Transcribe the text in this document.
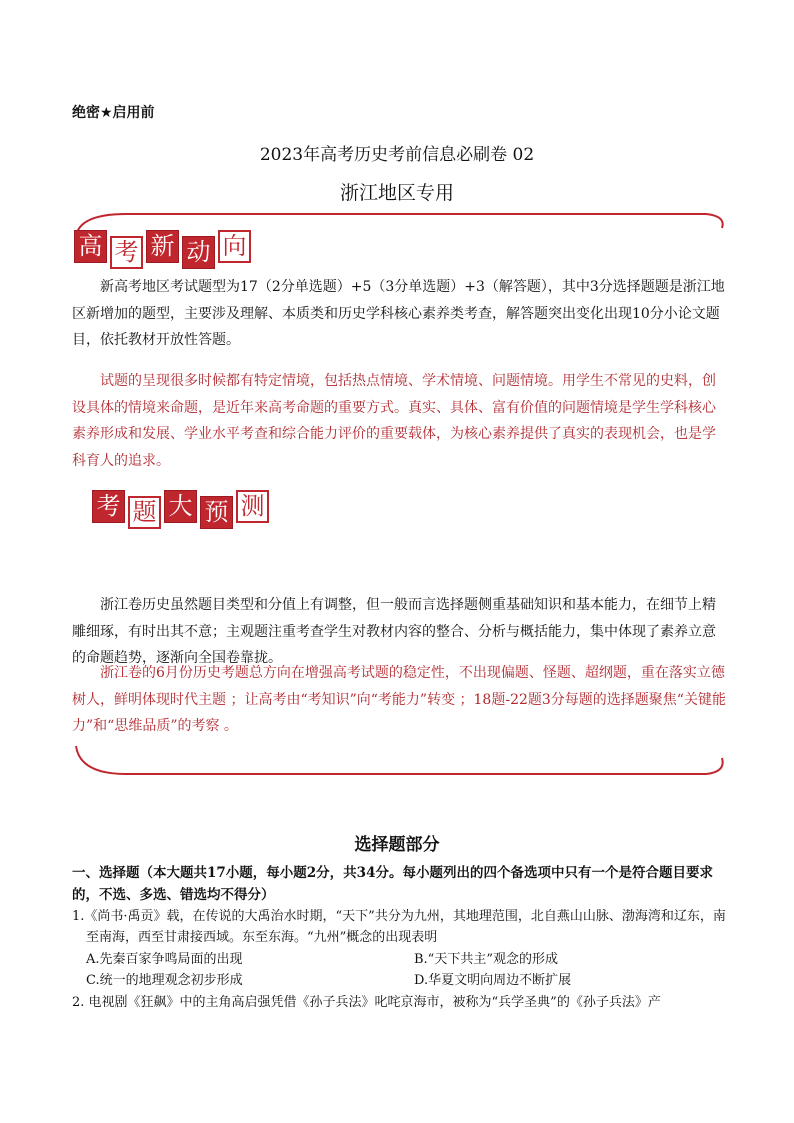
绝密★启用前
2023年高考历史考前信息必刷卷 02
浙江地区专用
高 考 新 动 向
新高考地区考试题型为17（2分单选题）+5（3分单选题）+3（解答题），其中3分选择题题是浙江地区新增加的题型，主要涉及理解、本质类和历史学科核心素养类考查，解答题突出变化出现10分小论文题目，依托教材开放性答题。
试题的呈现很多时候都有特定情境，包括热点情境、学术情境、问题情境。用学生不常见的史料，创设具体的情境来命题，是近年来高考命题的重要方式。真实、具体、富有价值的问题情境是学生学科核心素养形成和发展、学业水平考查和综合能力评价的重要载体，为核心素养提供了真实的表现机会，也是学科育人的追求。
考 题 大 预 测
浙江卷历史虽然题目类型和分值上有调整，但一般而言选择题侧重基础知识和基本能力，在细节上精雕细琢，有时出其不意；主观题注重考查学生对教材内容的整合、分析与概括能力，集中体现了素养立意的命题趋势，逐渐向全国卷靠拢。
浙江卷的6月份历史考题总方向在增强高考试题的稳定性，不出现偏题、怪题、超纲题，重在落实立德树人，鲜明体现时代主题 ；让高考由“考知识”向“考能力”转变 ；18题-22题3分每题的选择题聚焦“关键能力”和“思维品质”的考察 。
选择题部分
一、选择题（本大题共17小题，每小题2分，共34分。每小题列出的四个备选项中只有一个是符合题目要求的，不选、多选、错选均不得分）
1.《尚书·禹贡》载，在传说的大禹治水时期，“天下”共分为九州，其地理范围，北自燕山山脉、渤海湾和辽东，南至南海，西至甘肃接西域。东至东海。“九州”概念的出现表明
A.先秦百家争鸣局面的出现	B.“天下共主”观念的形成
C.统一的地理观念初步形成	D.华夏文明向周边不断扩展
2. 电视剧《狂飙》中的主角高启强凭借《孙子兵法》叱咤京海市，被称为“兵学圣典”的《孙子兵法》产
